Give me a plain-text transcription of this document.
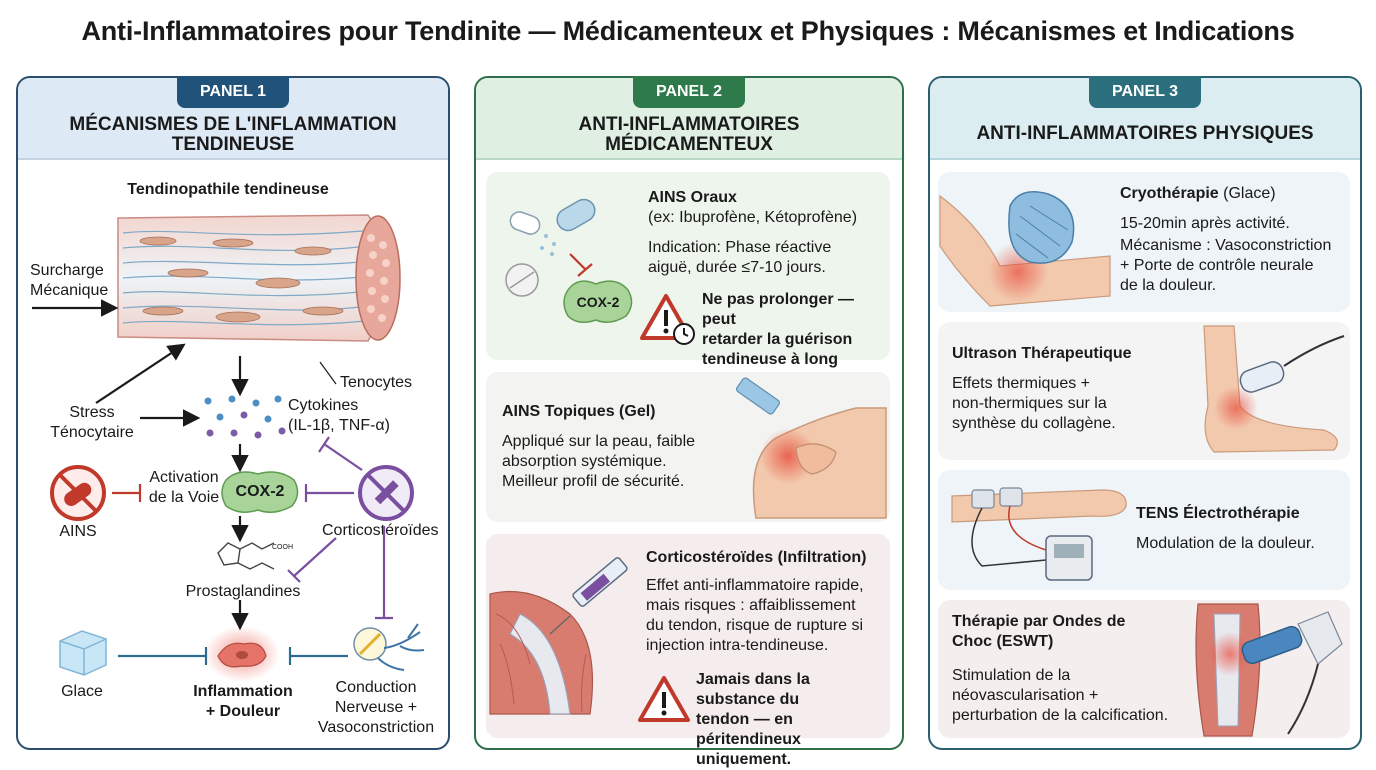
Anti-Inflammatoires pour Tendinite — Médicamenteux et Physiques : Mécanismes et Indications
PANEL 1
MÉCANISMES DE L'INFLAMMATION
TENDINEUSE
Tendinopathile tendineuse
Surcharge
Mécanique
Tenocytes
Stress
Ténocytaire
Cytokines
(IL-1β, TNF-α)
Activation
de la Voie	COX-2
AINS	Corticostéroïdes
COOH
Prostaglandines
Glace	Inflammation
+ Douleur
Conduction
Nerveuse +
Vasoconstriction
PANEL 2
ANTI-INFLAMMATOIRES
MÉDICAMENTEUX
COX-2
AINS Oraux
(ex: Ibuprofène, Kétoprofène)
Indication: Phase réactive
aiguë, durée ≤7-10 jours.
Ne pas prolonger — peut
retarder la guérison
tendineuse à long
AINS Topiques (Gel)
Appliqué sur la peau, faible
absorption systémique.
Meilleur profil de sécurité.
Corticostéroïdes (Infiltration)
Effet anti-inflammatoire rapide,
mais risques : affaiblissement
du tendon, risque de rupture si
injection intra-tendineuse.
Jamais dans la substance du
tendon — en péritendineux
uniquement.
PANEL 3
ANTI-INFLAMMATOIRES PHYSIQUES
Cryothérapie (Glace)
15-20min après activité.
Mécanisme : Vasoconstriction
+ Porte de contrôle neurale
de la douleur.
Ultrason Thérapeutique
Effets thermiques +
non-thermiques sur la
synthèse du collagène.
TENS Électrothérapie
Modulation de la douleur.
Thérapie par Ondes de
Choc (ESWT)
Stimulation de la
néovascularisation +
perturbation de la calcification.
